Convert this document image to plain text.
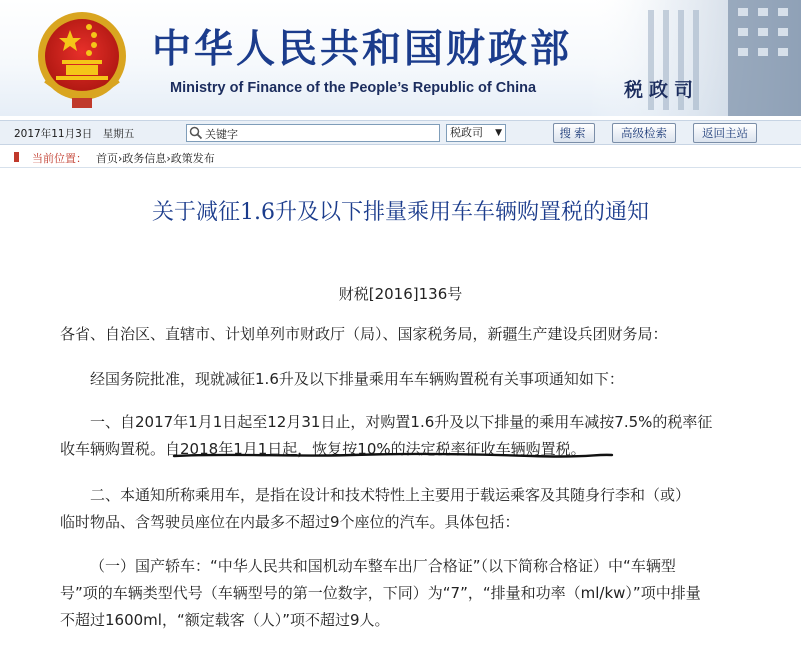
中华人民共和国财政部
Ministry of Finance of the People’s Republic of China	税政司
2017年11月3日　星期五	关键字	税政司 ▼	搜索	高级检索	返回主站
当前位置： 首页›政务信息›政策发布
关于减征1.6升及以下排量乘用车车辆购置税的通知
财税[2016]136号
各省、自治区、直辖市、计划单列市财政厅（局）、国家税务局，新疆生产建设兵团财务局：
经国务院批准，现就减征1.6升及以下排量乘用车车辆购置税有关事项通知如下：
一、自2017年1月1日起至12月31日止，对购置1.6升及以下排量的乘用车减按7.5%的税率征
收车辆购置税。自2018年1月1日起，恢复按10%的法定税率征收车辆购置税。
二、本通知所称乘用车，是指在设计和技术特性上主要用于载运乘客及其随身行李和（或）
临时物品、含驾驶员座位在内最多不超过9个座位的汽车。具体包括：
（一）国产轿车：“中华人民共和国机动车整车出厂合格证”（以下简称合格证）中“车辆型
号”项的车辆类型代号（车辆型号的第一位数字，下同）为“7”，“排量和功率（ml/kw）”项中排量
不超过1600ml，“额定载客（人）”项不超过9人。
